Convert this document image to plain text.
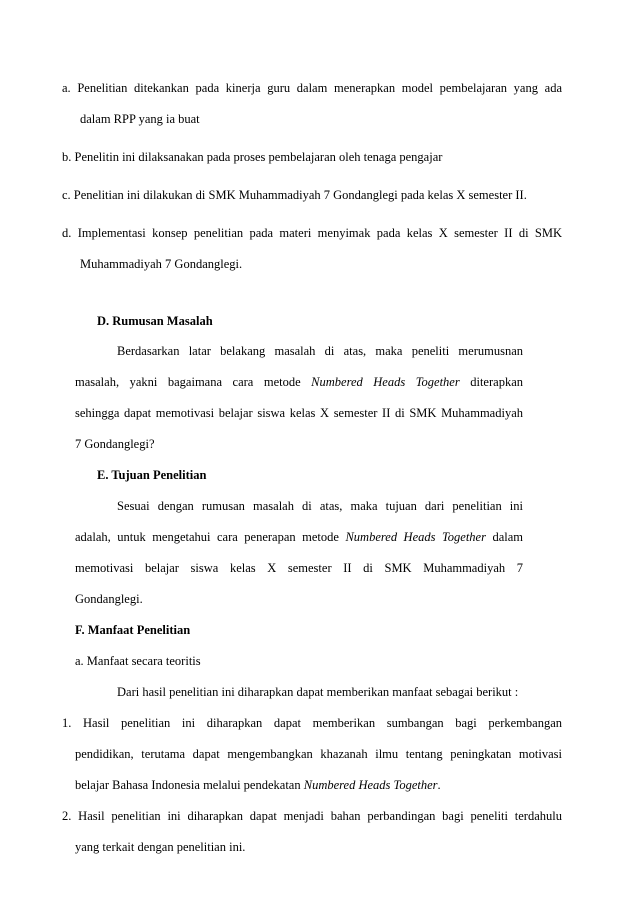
a. Penelitian ditekankan pada kinerja guru dalam menerapkan model pembelajaran yang ada
dalam RPP yang ia buat
b. Penelitin ini dilaksanakan pada proses pembelajaran oleh tenaga pengajar
c. Penelitian ini dilakukan di SMK Muhammadiyah 7 Gondanglegi pada kelas X semester II.
d. Implementasi konsep penelitian pada materi menyimak pada kelas X semester II di SMK
Muhammadiyah 7 Gondanglegi.
D. Rumusan Masalah
Berdasarkan latar belakang masalah di atas, maka peneliti merumusnan
masalah, yakni bagaimana cara metode Numbered Heads Together diterapkan
sehingga dapat memotivasi belajar siswa kelas X semester II di SMK Muhammadiyah
7 Gondanglegi?
E. Tujuan Penelitian
Sesuai dengan rumusan masalah di atas, maka tujuan dari penelitian ini
adalah, untuk mengetahui cara penerapan metode Numbered Heads Together dalam
memotivasi belajar siswa kelas X semester II di SMK Muhammadiyah 7
Gondanglegi.
F. Manfaat Penelitian
a. Manfaat secara teoritis
Dari hasil penelitian ini diharapkan dapat memberikan manfaat sebagai berikut :
1. Hasil penelitian ini diharapkan dapat memberikan sumbangan bagi perkembangan
pendidikan, terutama dapat mengembangkan khazanah ilmu tentang peningkatan motivasi
belajar Bahasa Indonesia melalui pendekatan Numbered Heads Together.
2. Hasil penelitian ini diharapkan dapat menjadi bahan perbandingan bagi peneliti terdahulu
yang terkait dengan penelitian ini.
